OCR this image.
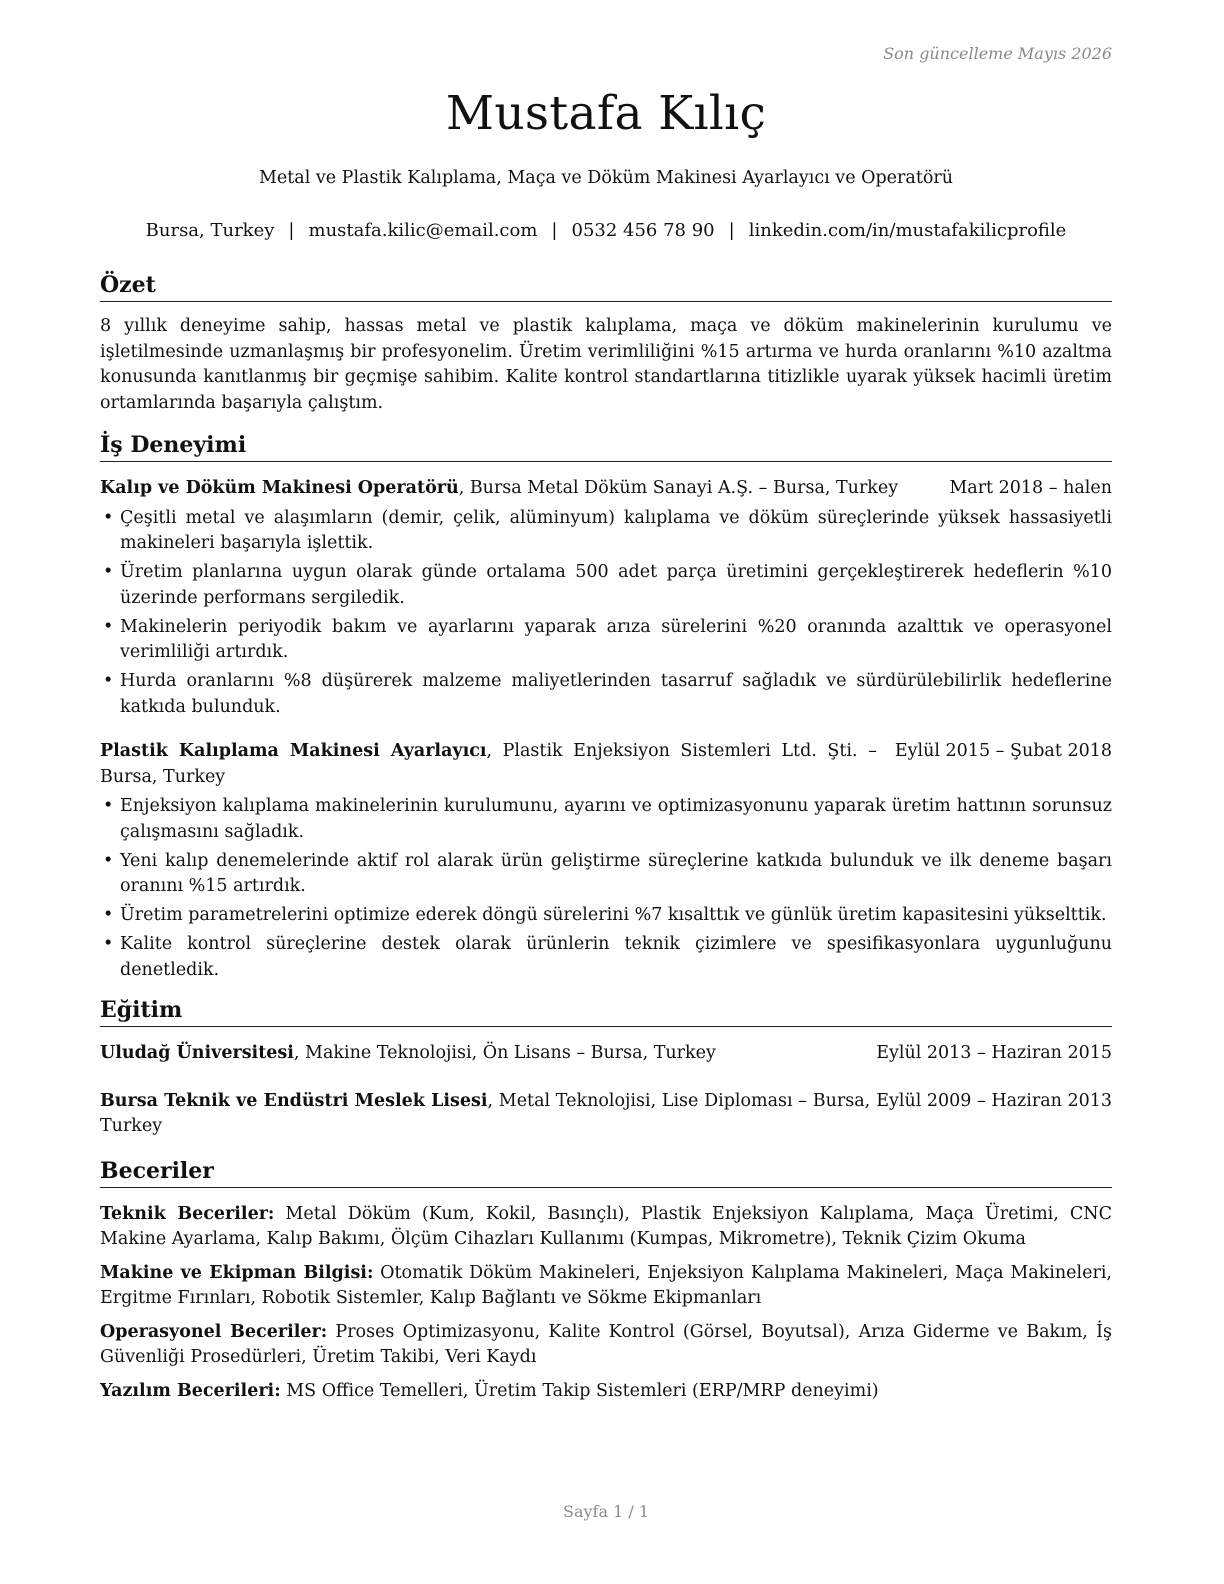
Son güncelleme Mayıs 2026
Mustafa Kılıç
Metal ve Plastik Kalıplama, Maça ve Döküm Makinesi Ayarlayıcı ve Operatörü
Bursa, Turkey | mustafa.kilic@email.com | 0532 456 78 90 | linkedin.com/in/mustafakilicprofile
Özet

8 yıllık deneyime sahip, hassas metal ve plastik kalıplama, maça ve döküm makinelerinin kurulumu ve işletilmesinde uzmanlaşmış bir profesyonelim. Üretim verimliliğini %15 artırma ve hurda oranlarını %10 azaltma konusunda kanıtlanmış bir geçmişe sahibim. Kalite kontrol standartlarına titizlikle uyarak yüksek hacimli üretim ortamlarında başarıyla çalıştım.

İş Deneyimi
Kalıp ve Döküm Makinesi Operatörü, Bursa Metal Döküm Sanayi A.Ş. – Bursa, Turkey	Mart 2018 – halen
• Çeşitli metal ve alaşımların (demir, çelik, alüminyum) kalıplama ve döküm süreçlerinde yüksek hassasiyetli makineleri başarıyla işlettik.
• Üretim planlarına uygun olarak günde ortalama 500 adet parça üretimini gerçekleştirerek hedeflerin %10 üzerinde performans sergiledik.
• Makinelerin periyodik bakım ve ayarlarını yaparak arıza sürelerini %20 oranında azalttık ve operasyonel verimliliği artırdık.
• Hurda oranlarını %8 düşürerek malzeme maliyetlerinden tasarruf sağladık ve sürdürülebilirlik hedeflerine katkıda bulunduk.
Plastik Kalıplama Makinesi Ayarlayıcı, Plastik Enjeksiyon Sistemleri Ltd. Şti. – Bursa, Turkey
Eylül 2015 – Şubat 2018
• Enjeksiyon kalıplama makinelerinin kurulumunu, ayarını ve optimizasyonunu yaparak üretim hattının sorunsuz çalışmasını sağladık.
• Yeni kalıp denemelerinde aktif rol alarak ürün geliştirme süreçlerine katkıda bulunduk ve ilk deneme başarı oranını %15 artırdık.
• Üretim parametrelerini optimize ederek döngü sürelerini %7 kısalttık ve günlük üretim kapasitesini yükselttik.
• Kalite kontrol süreçlerine destek olarak ürünlerin teknik çizimlere ve spesifikasyonlara uygunluğunu denetledik.
Eğitim
Uludağ Üniversitesi, Makine Teknolojisi, Ön Lisans – Bursa, Turkey	Eylül 2013 – Haziran 2015
Bursa Teknik ve Endüstri Meslek Lisesi, Metal Teknolojisi, Lise Diploması – Bursa, Turkey
Eylül 2009 – Haziran 2013
Beceriler
Teknik Beceriler: Metal Döküm (Kum, Kokil, Basınçlı), Plastik Enjeksiyon Kalıplama, Maça Üretimi, CNC Makine Ayarlama, Kalıp Bakımı, Ölçüm Cihazları Kullanımı (Kumpas, Mikrometre), Teknik Çizim Okuma
Makine ve Ekipman Bilgisi: Otomatik Döküm Makineleri, Enjeksiyon Kalıplama Makineleri, Maça Makineleri, Ergitme Fırınları, Robotik Sistemler, Kalıp Bağlantı ve Sökme Ekipmanları
Operasyonel Beceriler: Proses Optimizasyonu, Kalite Kontrol (Görsel, Boyutsal), Arıza Giderme ve Bakım, İş Güvenliği Prosedürleri, Üretim Takibi, Veri Kaydı
Yazılım Becerileri: MS Office Temelleri, Üretim Takip Sistemleri (ERP/MRP deneyimi)
Sayfa 1 / 1
